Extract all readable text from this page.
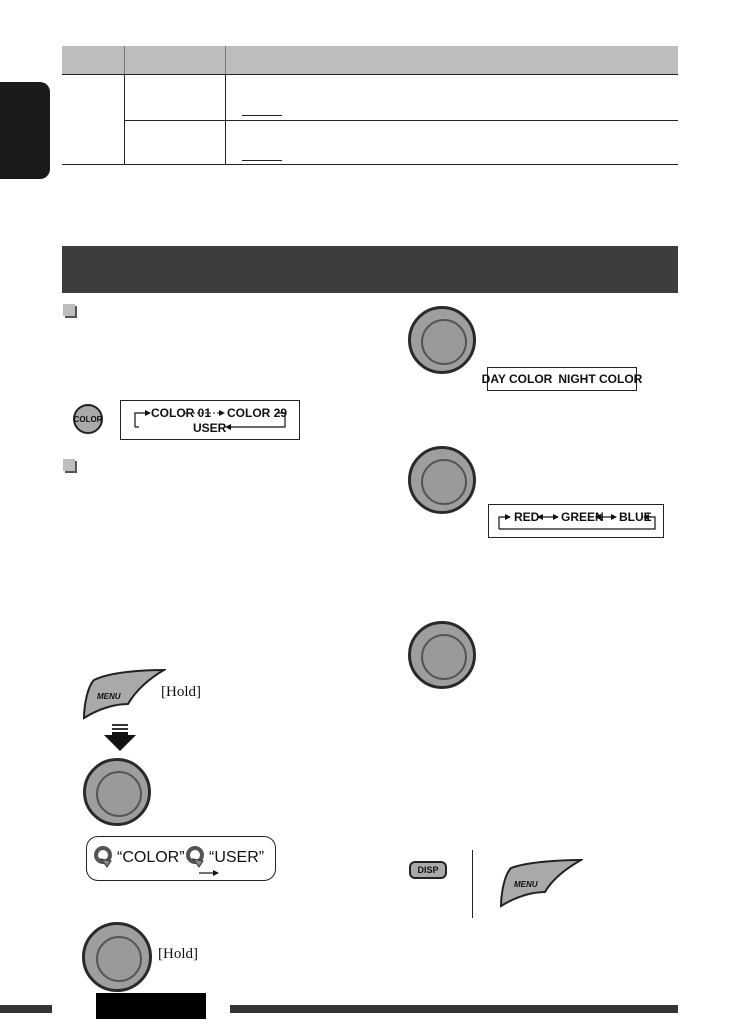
COLOR	COLOR 01 COLOR 29
USER
MENU	[Hold]
“COLOR” “USER”
[Hold]
DAY COLOR NIGHT COLOR
RED GREEN BLUE
DISP
MENU
